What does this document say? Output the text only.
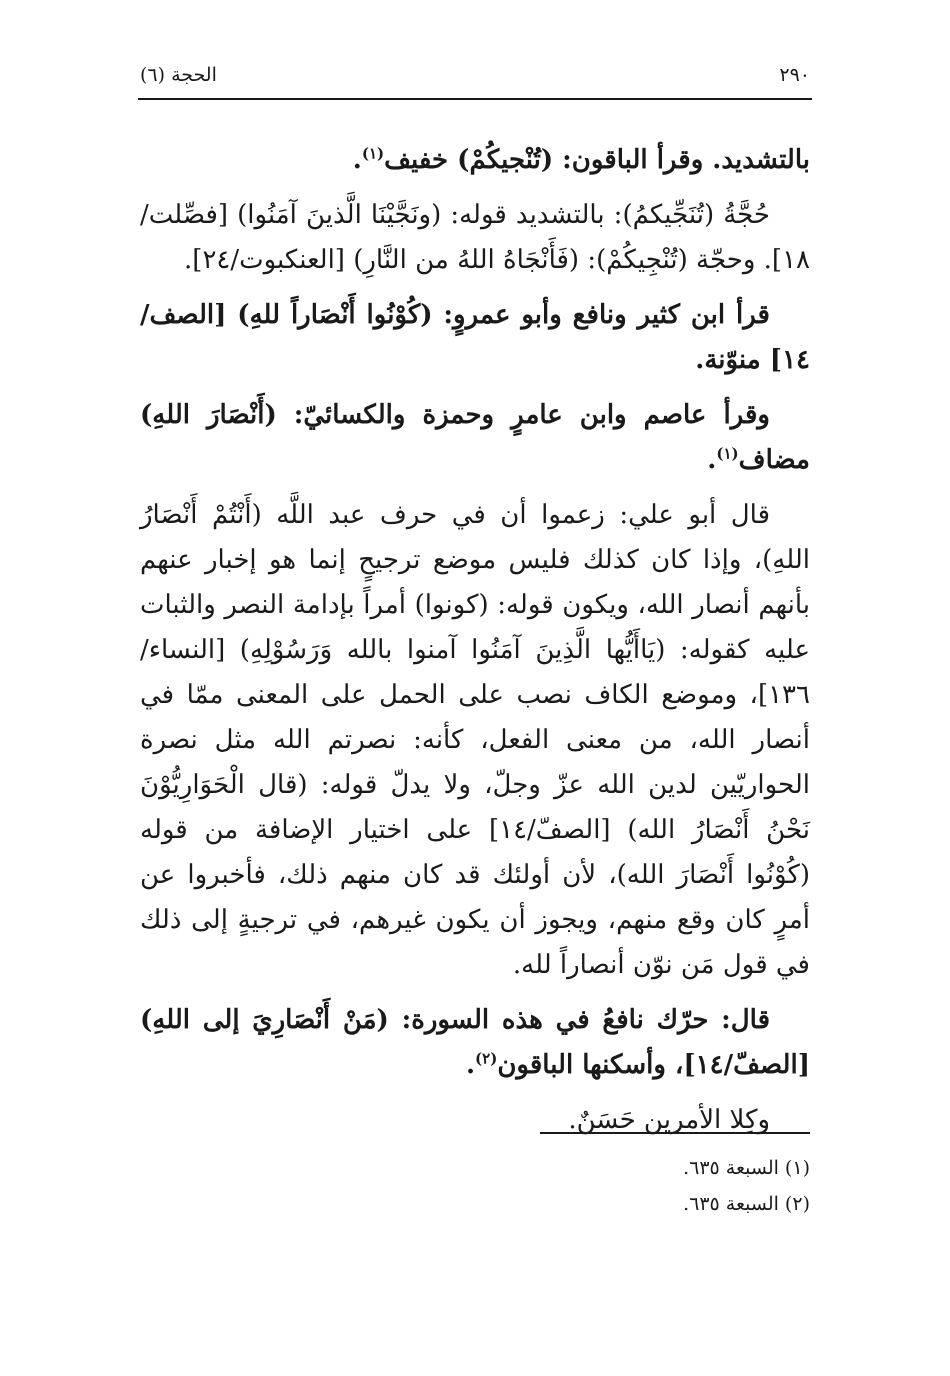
٢٩٠
الحجة (٦)

بالتشديد. وقرأ الباقون: (تُنْجيكُمْ) خفيف$^{(١)}$.

حُجَّةُ (تُنَجِّيكمُ): بالتشديد قوله: (ونَجَّيْنَا الَّذينَ آمَنُوا) [فصِّلت/١٨]. وحجّة (تُنْجِيكُمْ): (فَأَنْجَاهُ اللهُ من النَّارِ) [العنكبوت/٢٤].

قرأ ابن كثير ونافع وأبو عمروٍ: (كُوْنُوا أَنْصَاراً للهِ) [الصف/١٤] منوّنة.

وقرأ عاصم وابن عامرٍ وحمزة والكسائيّ: (أَنْصَارَ اللهِ) مضاف$^{(١)}$.

قال أبو علي: زعموا أن في حرف عبد اللَّه (أَنْتُمْ أَنْصَارُ اللهِ)، وإذا كان كذلك فليس موضع ترجيحٍ إنما هو إخبار عنهم بأنهم أنصار الله، ويكون قوله: (كونوا) أمراً بإدامة النصر والثبات عليه كقوله: (يَاأَيُّها الَّذِينَ آمَنُوا آمنوا بالله وَرَسُوْلِهِ) [النساء/١٣٦]، وموضع الكاف نصب على الحمل على المعنى ممّا في أنصار الله، من معنى الفعل، كأنه: نصرتم الله مثل نصرة الحواريّين لدين الله عزّ وجلّ، ولا يدلّ قوله: (قال الْحَوَارِيُّوْنَ نَحْنُ أَنْصَارُ الله) [الصفّ/١٤] على اختيار الإضافة من قوله (كُوْنُوا أَنْصَارَ الله)، لأن أولئك قد كان منهم ذلك، فأخبروا عن أمرٍ كان وقع منهم، ويجوز أن يكون غيرهم، في ترجيةٍ إلى ذلك في قول مَن نوّن أنصاراً لله.

قال: حرّك نافعُ في هذه السورة: (مَنْ أَنْصَارِيَ إلى اللهِ) [الصفّ/١٤]، وأسكنها الباقون$^{(٢)}$.

وكِلا الأمرين حَسَنٌ.

(١) السبعة ٦٣٥.

(٢) السبعة ٦٣٥.
